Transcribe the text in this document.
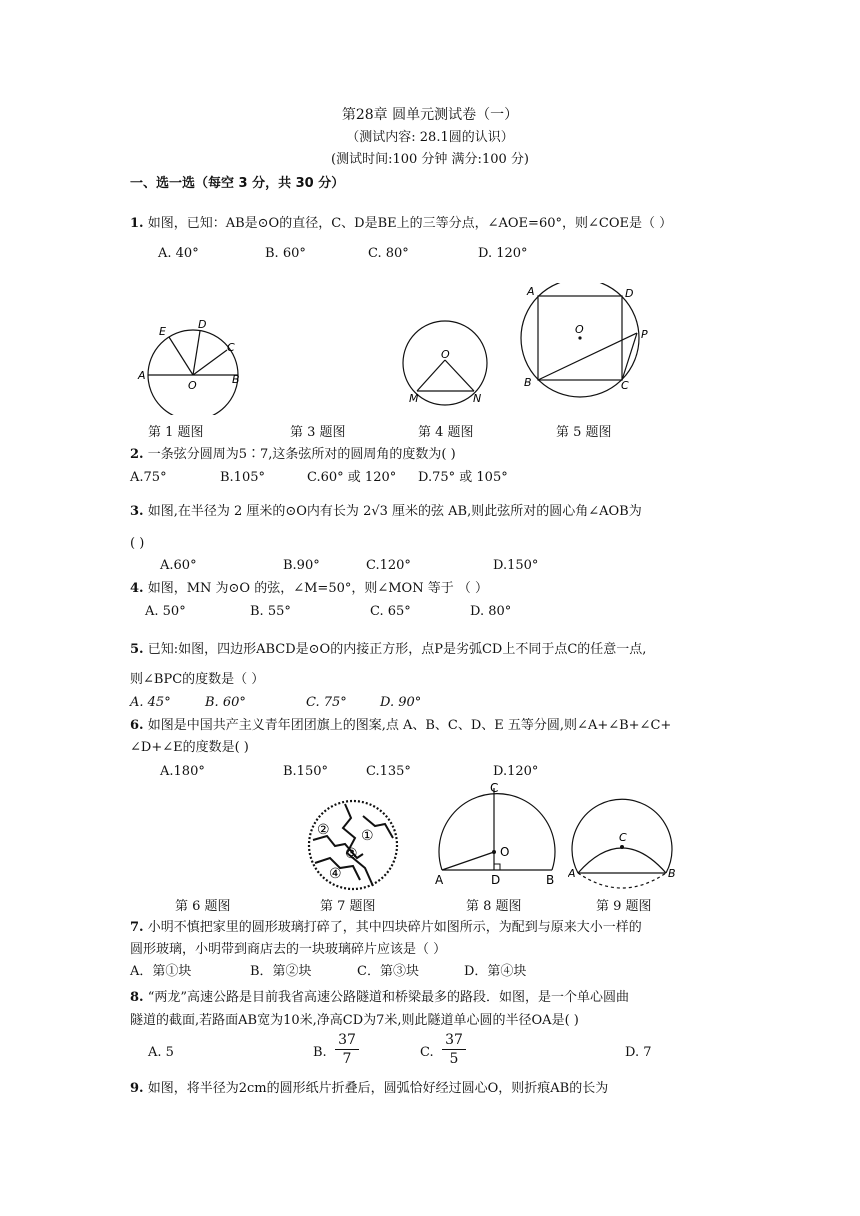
第28章 圆单元测试卷（一）
（测试内容: 28.1圆的认识）
(测试时间:100 分钟 满分:100 分)
一、选一选（每空 3 分，共 30 分）
1. 如图，已知：AB是⊙O的直径，C、D是BE上的三等分点，∠AOE=60°，则∠COE是（ ）
A. 40°	B. 60°	C. 80°	D. 120°
E
D
C
A
O	B
O
M	N
A	D
O	P
B	C
第 1 题图	第 3 题图	第 4 题图	第 5 题图
2. 一条弦分圆周为5∶7,这条弦所对的圆周角的度数为( )
A.75°	B.105°	C.60° 或 120° D.75° 或 105°
3. 如图,在半径为 2 厘米的⊙O内有长为 2√3 厘米的弦 AB,则此弦所对的圆心角∠AOB为
( )
A.60°	B.90°	C.120°	D.150°
4. 如图，MN 为⊙O 的弦，∠M=50°，则∠MON 等于 （ ）
A. 50°	B. 55°	C. 65°	D. 80°
5. 已知:如图，四边形ABCD是⊙O的内接正方形，点P是劣弧CD上不同于点C的任意一点,
则∠BPC的度数是（ ）
A. 45°	B. 60°	C. 75°	D. 90°
6. 如图是中国共产主义青年团团旗上的图案,点 A、B、C、D、E 五等分圆,则∠A+∠B+∠C+
∠D+∠E的度数是( )
A.180°	B.150°	C.135°	D.120°
② ①
③
④
C
O
A	D	B
C
A	B
第 6 题图	第 7 题图	第 8 题图	第 9 题图
7. 小明不慎把家里的圆形玻璃打碎了，其中四块碎片如图所示，为配到与原来大小一样的
圆形玻璃，小明带到商店去的一块玻璃碎片应该是（ ）
A．第①块	B．第②块	C．第③块	D．第④块
8. “两龙”高速公路是目前我省高速公路隧道和桥梁最多的路段．如图，是一个单心圆曲
隧道的截面,若路面AB宽为10米,净高CD为7米,则此隧道单心圆的半径OA是( )
A. 5	B.
37
7	C.
37
5	D. 7
9. 如图，将半径为2cm的圆形纸片折叠后，圆弧恰好经过圆心O，则折痕AB的长为
